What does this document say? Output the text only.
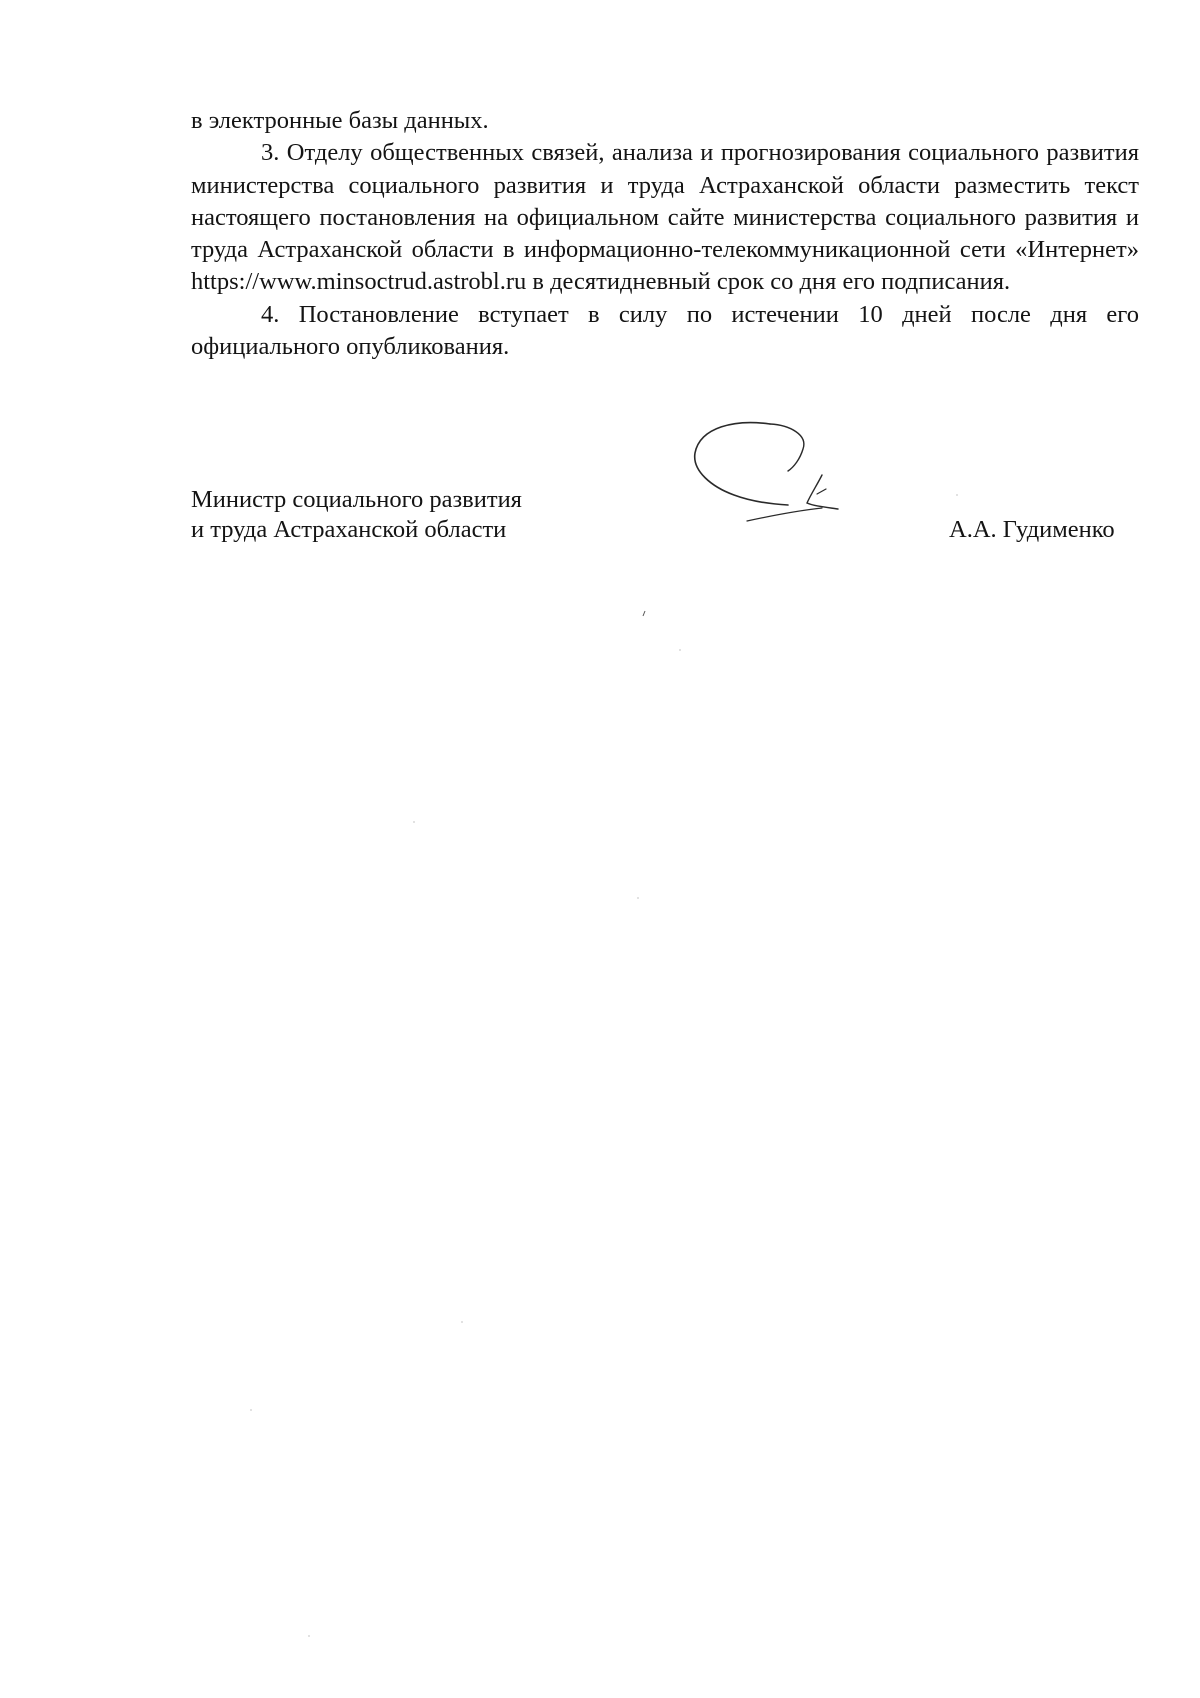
в электронные базы данных.

3. Отделу общественных связей, анализа и прогнозирования социального развития министерства социального развития и труда Астраханской области разместить текст настоящего постановления на официальном сайте министерства социального развития и труда Астраханской области в информационно-телекоммуникационной сети «Интернет» https://www.minsoctrud.astrobl.ru в десятидневный срок со дня его подписания.

4. Постановление вступает в силу по истечении 10 дней после дня его официального опубликования.

Министр социального развития
и труда Астраханской области	А.А. Гудименко
